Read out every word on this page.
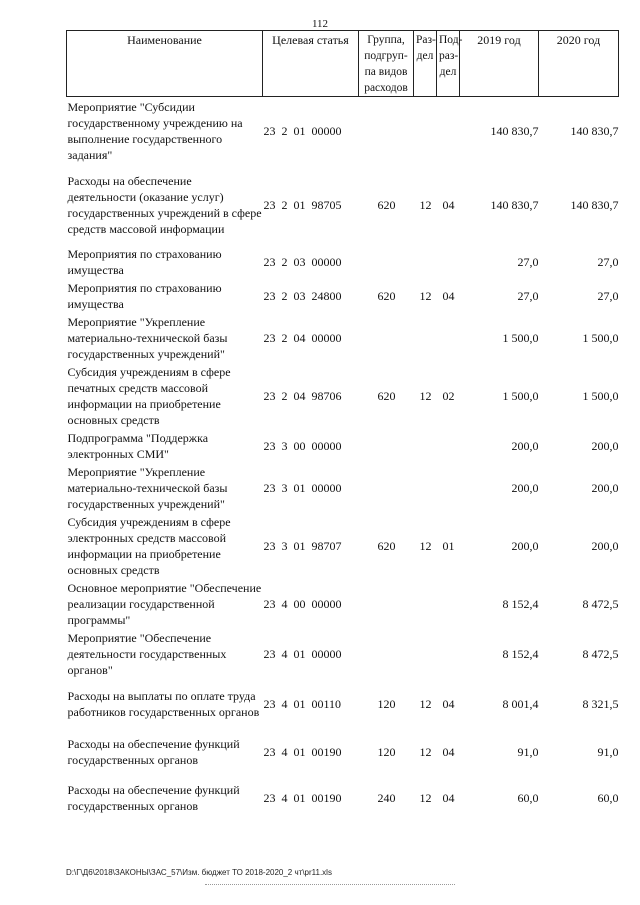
112
Наименование	Целевая статья	Группа, подгруп-па видов расходов	Раз-дел	Под-раз-дел	2019 год	2020 год
Мероприятие "Субсидии государственному учреждению на выполнение государственного задания"	23  2  01  00000				140 830,7	140 830,7
Расходы на обеспечение деятельности (оказание услуг) государственных учреждений в сфере средств массовой информации	23  2  01  98705	620	12	04	140 830,7	140 830,7
Мероприятия по страхованию имущества	23  2  03  00000				27,0	27,0
Мероприятия по страхованию имущества	23  2  03  24800	620	12	04	27,0	27,0
Мероприятие "Укрепление материально-технической базы государственных учреждений"	23  2  04  00000				1 500,0	1 500,0
Субсидия учреждениям в сфере печатных средств массовой информации на приобретение основных средств	23  2  04  98706	620	12	02	1 500,0	1 500,0
Подпрограмма "Поддержка электронных СМИ"	23  3  00  00000				200,0	200,0
Мероприятие "Укрепление материально-технической базы государственных учреждений"	23  3  01  00000				200,0	200,0
Субсидия учреждениям в сфере электронных средств массовой информации на приобретение основных средств	23  3  01  98707	620	12	01	200,0	200,0
Основное мероприятие "Обеспечение реализации государственной программы"	23  4  00  00000				8 152,4	8 472,5
Мероприятие "Обеспечение деятельности государственных органов"	23  4  01  00000				8 152,4	8 472,5
Расходы на выплаты по оплате труда работников государственных органов	23  4  01  00110	120	12	04	8 001,4	8 321,5
Расходы на обеспечение функций государственных органов	23  4  01  00190	120	12	04	91,0	91,0
Расходы на обеспечение функций государственных органов	23  4  01  00190	240	12	04	60,0	60,0
D:\Г\Д6\2018\ЗАКОНЫ\ЗАС_57\Изм. бюджет ТО 2018-2020_2 чт\pr11.xls
